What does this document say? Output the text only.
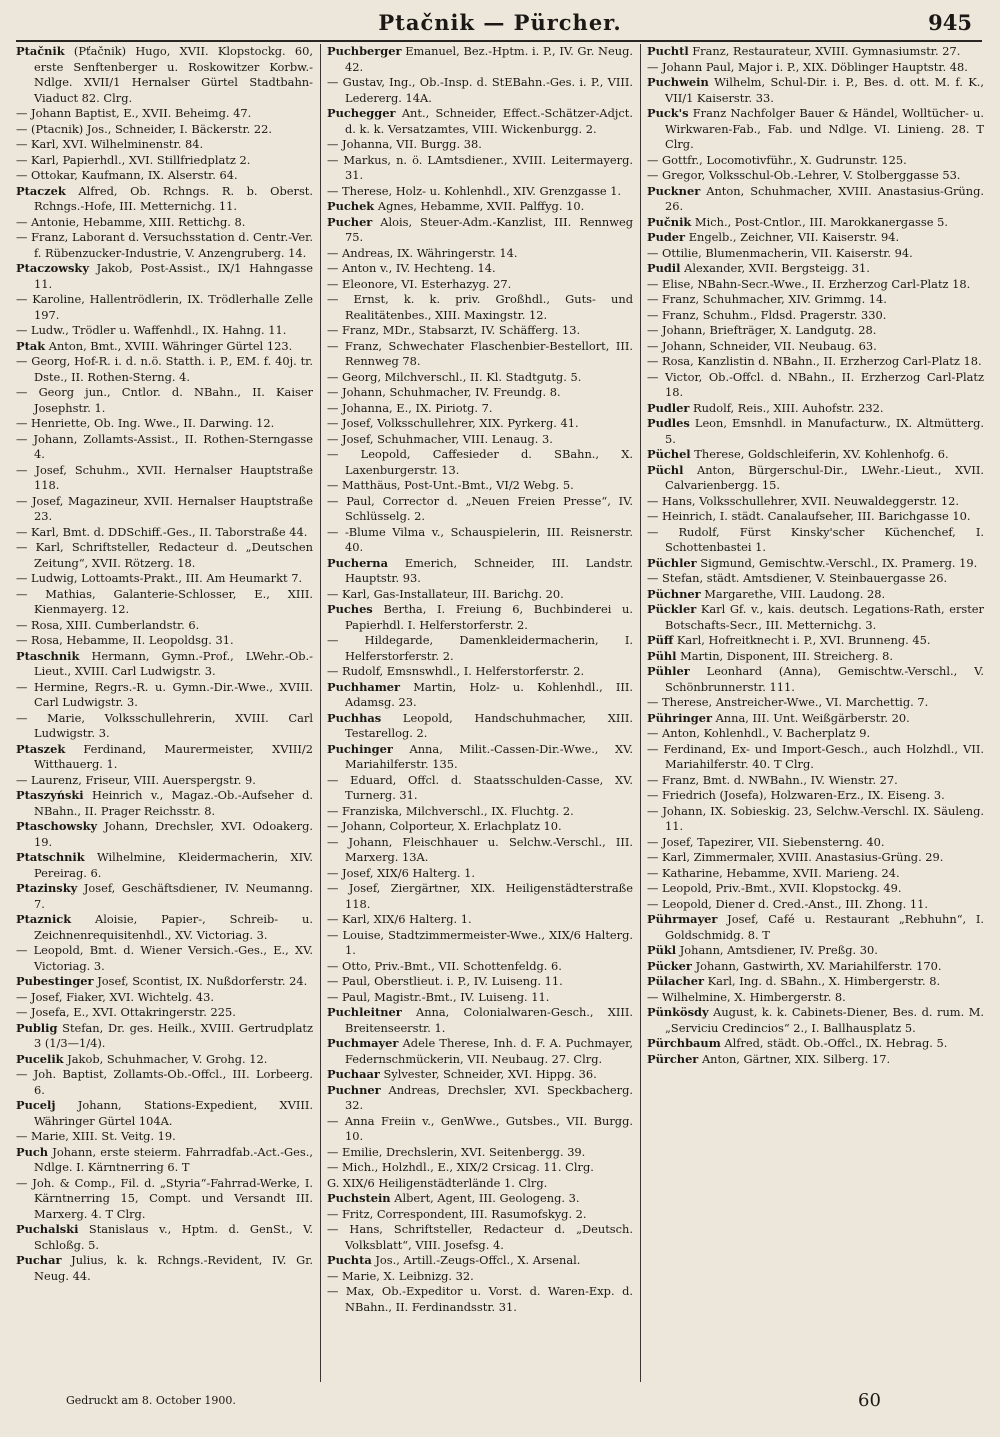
Ptačnik — Pürcher.	945

Ptačnik (Pťačnik) Hugo, XVII. Klopstockg. 60, erste Senftenberger u. Roskowitzer Korbw.-Ndlge. XVII/1 Hernalser Gürtel Stadtbahn-Viaduct 82. Clrg.

— Johann Baptist, E., XVII. Beheimg. 47.

— (Ptacnik) Jos., Schneider, I. Bäckerstr. 22.

— Karl, XVI. Wilhelminenstr. 84.

— Karl, Papierhdl., XVI. Stillfriedplatz 2.

— Ottokar, Kaufmann, IX. Alserstr. 64.

Ptaczek Alfred, Ob. Rchngs. R. b. Oberst. Rchngs.-Hofe, III. Metternichg. 11.

— Antonie, Hebamme, XIII. Rettichg. 8.

— Franz, Laborant d. Versuchsstation d. Centr.-Ver. f. Rübenzucker-Industrie, V. Anzengruberg. 14.

Ptaczowsky Jakob, Post-Assist., IX/1 Hahngasse 11.

— Karoline, Hallentrödlerin, IX. Trödlerhalle Zelle 197.

— Ludw., Trödler u. Waffenhdl., IX. Hahng. 11.

Ptak Anton, Bmt., XVIII. Währinger Gürtel 123.

— Georg, Hof-R. i. d. n.ö. Statth. i. P., EM. f. 40j. tr. Dste., II. Rothen-Sterng. 4.

— Georg jun., Cntlor. d. NBahn., II. Kaiser Josephstr. 1.

— Henriette, Ob. Ing. Wwe., II. Darwing. 12.

— Johann, Zollamts-Assist., II. Rothen-Sterngasse 4.

— Josef, Schuhm., XVII. Hernalser Hauptstraße 118.

— Josef, Magazineur, XVII. Hernalser Hauptstraße 23.

— Karl, Bmt. d. DDSchiff.-Ges., II. Taborstraße 44.

— Karl, Schriftsteller, Redacteur d. „Deutschen Zeitung“, XVII. Rötzerg. 18.

— Ludwig, Lottoamts-Prakt., III. Am Heumarkt 7.

— Mathias, Galanterie-Schlosser, E., XIII. Kienmayerg. 12.

— Rosa, XIII. Cumberlandstr. 6.

— Rosa, Hebamme, II. Leopoldsg. 31.

Ptaschnik Hermann, Gymn.-Prof., LWehr.-Ob.-Lieut., XVIII. Carl Ludwigstr. 3.

— Hermine, Regrs.-R. u. Gymn.-Dir.-Wwe., XVIII. Carl Ludwigstr. 3.

— Marie, Volksschullehrerin, XVIII. Carl Ludwigstr. 3.

Ptaszek Ferdinand, Maurermeister, XVIII/2 Witthauerg. 1.

— Laurenz, Friseur, VIII. Auerspergstr. 9.

Ptaszyński Heinrich v., Magaz.-Ob.-Aufseher d. NBahn., II. Prager Reichsstr. 8.

Ptaschowsky Johann, Drechsler, XVI. Odoakerg. 19.

Ptatschnik Wilhelmine, Kleidermacherin, XIV. Pereirag. 6.

Ptazinsky Josef, Geschäftsdiener, IV. Neumanng. 7.

Ptaznick Aloisie, Papier-, Schreib- u. Zeichnenrequisitenhdl., XV. Victoriag. 3.

— Leopold, Bmt. d. Wiener Versich.-Ges., E., XV. Victoriag. 3.

Pubestinger Josef, Scontist, IX. Nußdorferstr. 24.

— Josef, Fiaker, XVI. Wichtelg. 43.

— Josefa, E., XVI. Ottakringerstr. 225.

Publig Stefan, Dr. ges. Heilk., XVIII. Gertrudplatz 3 (1/3—1/4).

Pucelik Jakob, Schuhmacher, V. Grohg. 12.

— Joh. Baptist, Zollamts-Ob.-Offcl., III. Lorbeerg. 6.

Pucelj Johann, Stations-Expedient, XVIII. Währinger Gürtel 104A.

— Marie, XIII. St. Veitg. 19.

Puch Johann, erste steierm. Fahrradfab.-Act.-Ges., Ndlge. I. Kärntnerring 6. T

— Joh. & Comp., Fil. d. „Styria“-Fahrrad-Werke, I. Kärntnerring 15, Compt. und Versandt III. Marxerg. 4. T Clrg.

Puchalski Stanislaus v., Hptm. d. GenSt., V. Schloßg. 5.

Puchar Julius, k. k. Rchngs.-Revident, IV. Gr. Neug. 44.

Puchberger Emanuel, Bez.-Hptm. i. P., IV. Gr. Neug. 42.

— Gustav, Ing., Ob.-Insp. d. StEBahn.-Ges. i. P., VIII. Ledererg. 14A.

Puchegger Ant., Schneider, Effect.-Schätzer-Adjct. d. k. k. Versatzamtes, VIII. Wickenburgg. 2.

— Johanna, VII. Burgg. 38.

— Markus, n. ö. LAmtsdiener., XVIII. Leitermayerg. 31.

— Therese, Holz- u. Kohlenhdl., XIV. Grenzgasse 1.

Puchek Agnes, Hebamme, XVII. Palffyg. 10.

Pucher Alois, Steuer-Adm.-Kanzlist, III. Rennweg 75.

— Andreas, IX. Währingerstr. 14.

— Anton v., IV. Hechteng. 14.

— Eleonore, VI. Esterhazyg. 27.

— Ernst, k. k. priv. Großhdl., Guts- und Realitätenbes., XIII. Maxingstr. 12.

— Franz, MDr., Stabsarzt, IV. Schäfferg. 13.

— Franz, Schwechater Flaschenbier-Bestellort, III. Rennweg 78.

— Georg, Milchverschl., II. Kl. Stadtgutg. 5.

— Johann, Schuhmacher, IV. Freundg. 8.

— Johanna, E., IX. Piriotg. 7.

— Josef, Volksschullehrer, XIX. Pyrkerg. 41.

— Josef, Schuhmacher, VIII. Lenaug. 3.

— Leopold, Caffesieder d. SBahn., X. Laxenburgerstr. 13.

— Matthäus, Post-Unt.-Bmt., VI/2 Webg. 5.

— Paul, Corrector d. „Neuen Freien Presse“, IV. Schlüsselg. 2.

— -Blume Vilma v., Schauspielerin, III. Reisnerstr. 40.

Pucherna Emerich, Schneider, III. Landstr. Hauptstr. 93.

— Karl, Gas-Installateur, III. Barichg. 20.

Puches Bertha, I. Freiung 6, Buchbinderei u. Papierhdl. I. Helferstorferstr. 2.

— Hildegarde, Damenkleidermacherin, I. Helferstorferstr. 2.

— Rudolf, Emsnswhdl., I. Helferstorferstr. 2.

Puchhamer Martin, Holz- u. Kohlenhdl., III. Adamsg. 23.

Puchhas Leopold, Handschuhmacher, XIII. Testarellog. 2.

Puchinger Anna, Milit.-Cassen-Dir.-Wwe., XV. Mariahilferstr. 135.

— Eduard, Offcl. d. Staatsschulden-Casse, XV. Turnerg. 31.

— Franziska, Milchverschl., IX. Fluchtg. 2.

— Johann, Colporteur, X. Erlachplatz 10.

— Johann, Fleischhauer u. Selchw.-Verschl., III. Marxerg. 13A.

— Josef, XIX/6 Halterg. 1.

— Josef, Ziergärtner, XIX. Heiligenstädterstraße 118.

— Karl, XIX/6 Halterg. 1.

— Louise, Stadtzimmermeister-Wwe., XIX/6 Halterg. 1.

— Otto, Priv.-Bmt., VII. Schottenfeldg. 6.

— Paul, Oberstlieut. i. P., IV. Luiseng. 11.

— Paul, Magistr.-Bmt., IV. Luiseng. 11.

Puchleitner Anna, Colonialwaren-Gesch., XIII. Breitenseerstr. 1.

Puchmayer Adele Therese, Inh. d. F. A. Puchmayer, Federnschmückerin, VII. Neubaug. 27. Clrg.

Puchaar Sylvester, Schneider, XVI. Hippg. 36.

Puchner Andreas, Drechsler, XVI. Speckbacherg. 32.

— Anna Freiin v., GenWwe., Gutsbes., VII. Burgg. 10.

— Emilie, Drechslerin, XVI. Seitenbergg. 39.

— Mich., Holzhdl., E., XIX/2 Crsicag. 11. Clrg.

G. XIX/6 Heiligenstädterlände 1. Clrg.

Puchstein Albert, Agent, III. Geologeng. 3.

— Fritz, Correspondent, III. Rasumofskyg. 2.

— Hans, Schriftsteller, Redacteur d. „Deutsch. Volksblatt“, VIII. Josefsg. 4.

Puchta Jos., Artill.-Zeugs-Offcl., X. Arsenal.

— Marie, X. Leibnizg. 32.

— Max, Ob.-Expeditor u. Vorst. d. Waren-Exp. d. NBahn., II. Ferdinandsstr. 31.

Puchtl Franz, Restaurateur, XVIII. Gymnasiumstr. 27.

— Johann Paul, Major i. P., XIX. Döblinger Hauptstr. 48.

Puchwein Wilhelm, Schul-Dir. i. P., Bes. d. ott. M. f. K., VII/1 Kaiserstr. 33.

Puck's Franz Nachfolger Bauer & Händel, Wolltücher- u. Wirkwaren-Fab., Fab. und Ndlge. VI. Linieng. 28. T Clrg.

— Gottfr., Locomotivführ., X. Gudrunstr. 125.

— Gregor, Volksschul-Ob.-Lehrer, V. Stolberggasse 53.

Puckner Anton, Schuhmacher, XVIII. Anastasius-Grüng. 26.

Pučnik Mich., Post-Cntlor., III. Marokkanergasse 5.

Puder Engelb., Zeichner, VII. Kaiserstr. 94.

— Ottilie, Blumenmacherin, VII. Kaiserstr. 94.

Pudil Alexander, XVII. Bergsteigg. 31.

— Elise, NBahn-Secr.-Wwe., II. Erzherzog Carl-Platz 18.

— Franz, Schuhmacher, XIV. Grimmg. 14.

— Franz, Schuhm., Fldsd. Pragerstr. 330.

— Johann, Briefträger, X. Landgutg. 28.

— Johann, Schneider, VII. Neubaug. 63.

— Rosa, Kanzlistin d. NBahn., II. Erzherzog Carl-Platz 18.

— Victor, Ob.-Offcl. d. NBahn., II. Erzherzog Carl-Platz 18.

Pudler Rudolf, Reis., XIII. Auhofstr. 232.

Pudles Leon, Emsnhdl. in Manufacturw., IX. Altmütterg. 5.

Püchel Therese, Goldschleiferin, XV. Kohlenhofg. 6.

Püchl Anton, Bürgerschul-Dir., LWehr.-Lieut., XVII. Calvarienbergg. 15.

— Hans, Volksschullehrer, XVII. Neuwaldeggerstr. 12.

— Heinrich, I. städt. Canalaufseher, III. Barichgasse 10.

— Rudolf, Fürst Kinsky'scher Küchenchef, I. Schottenbastei 1.

Püchler Sigmund, Gemischtw.-Verschl., IX. Pramerg. 19.

— Stefan, städt. Amtsdiener, V. Steinbauergasse 26.

Püchner Margarethe, VIII. Laudong. 28.

Pückler Karl Gf. v., kais. deutsch. Legations-Rath, erster Botschafts-Secr., III. Metternichg. 3.

Püff Karl, Hofreitknecht i. P., XVI. Brunneng. 45.

Pühl Martin, Disponent, III. Streicherg. 8.

Pühler Leonhard (Anna), Gemischtw.-Verschl., V. Schönbrunnerstr. 111.

— Therese, Anstreicher-Wwe., VI. Marchettig. 7.

Pühringer Anna, III. Unt. Weißgärberstr. 20.

— Anton, Kohlenhdl., V. Bacherplatz 9.

— Ferdinand, Ex- und Import-Gesch., auch Holzhdl., VII. Mariahilferstr. 40. T Clrg.

— Franz, Bmt. d. NWBahn., IV. Wienstr. 27.

— Friedrich (Josefa), Holzwaren-Erz., IX. Eiseng. 3.

— Johann, IX. Sobieskig. 23, Selchw.-Verschl. IX. Säuleng. 11.

— Josef, Tapezirer, VII. Siebensterng. 40.

— Karl, Zimmermaler, XVIII. Anastasius-Grüng. 29.

— Katharine, Hebamme, XVII. Marieng. 24.

— Leopold, Priv.-Bmt., XVII. Klopstockg. 49.

— Leopold, Diener d. Cred.-Anst., III. Zhong. 11.

Pührmayer Josef, Café u. Restaurant „Rebhuhn“, I. Goldschmidg. 8. T

Pükl Johann, Amtsdiener, IV. Preßg. 30.

Pücker Johann, Gastwirth, XV. Mariahilferstr. 170.

Pülacher Karl, Ing. d. SBahn., X. Himbergerstr. 8.

— Wilhelmine, X. Himbergerstr. 8.

Pünkösdy August, k. k. Cabinets-Diener, Bes. d. rum. M. „Serviciu Credincios“ 2., I. Ballhausplatz 5.

Pürchbaum Alfred, städt. Ob.-Offcl., IX. Hebrag. 5.

Pürcher Anton, Gärtner, XIX. Silberg. 17.

Gedruckt am 8. October 1900.	60
